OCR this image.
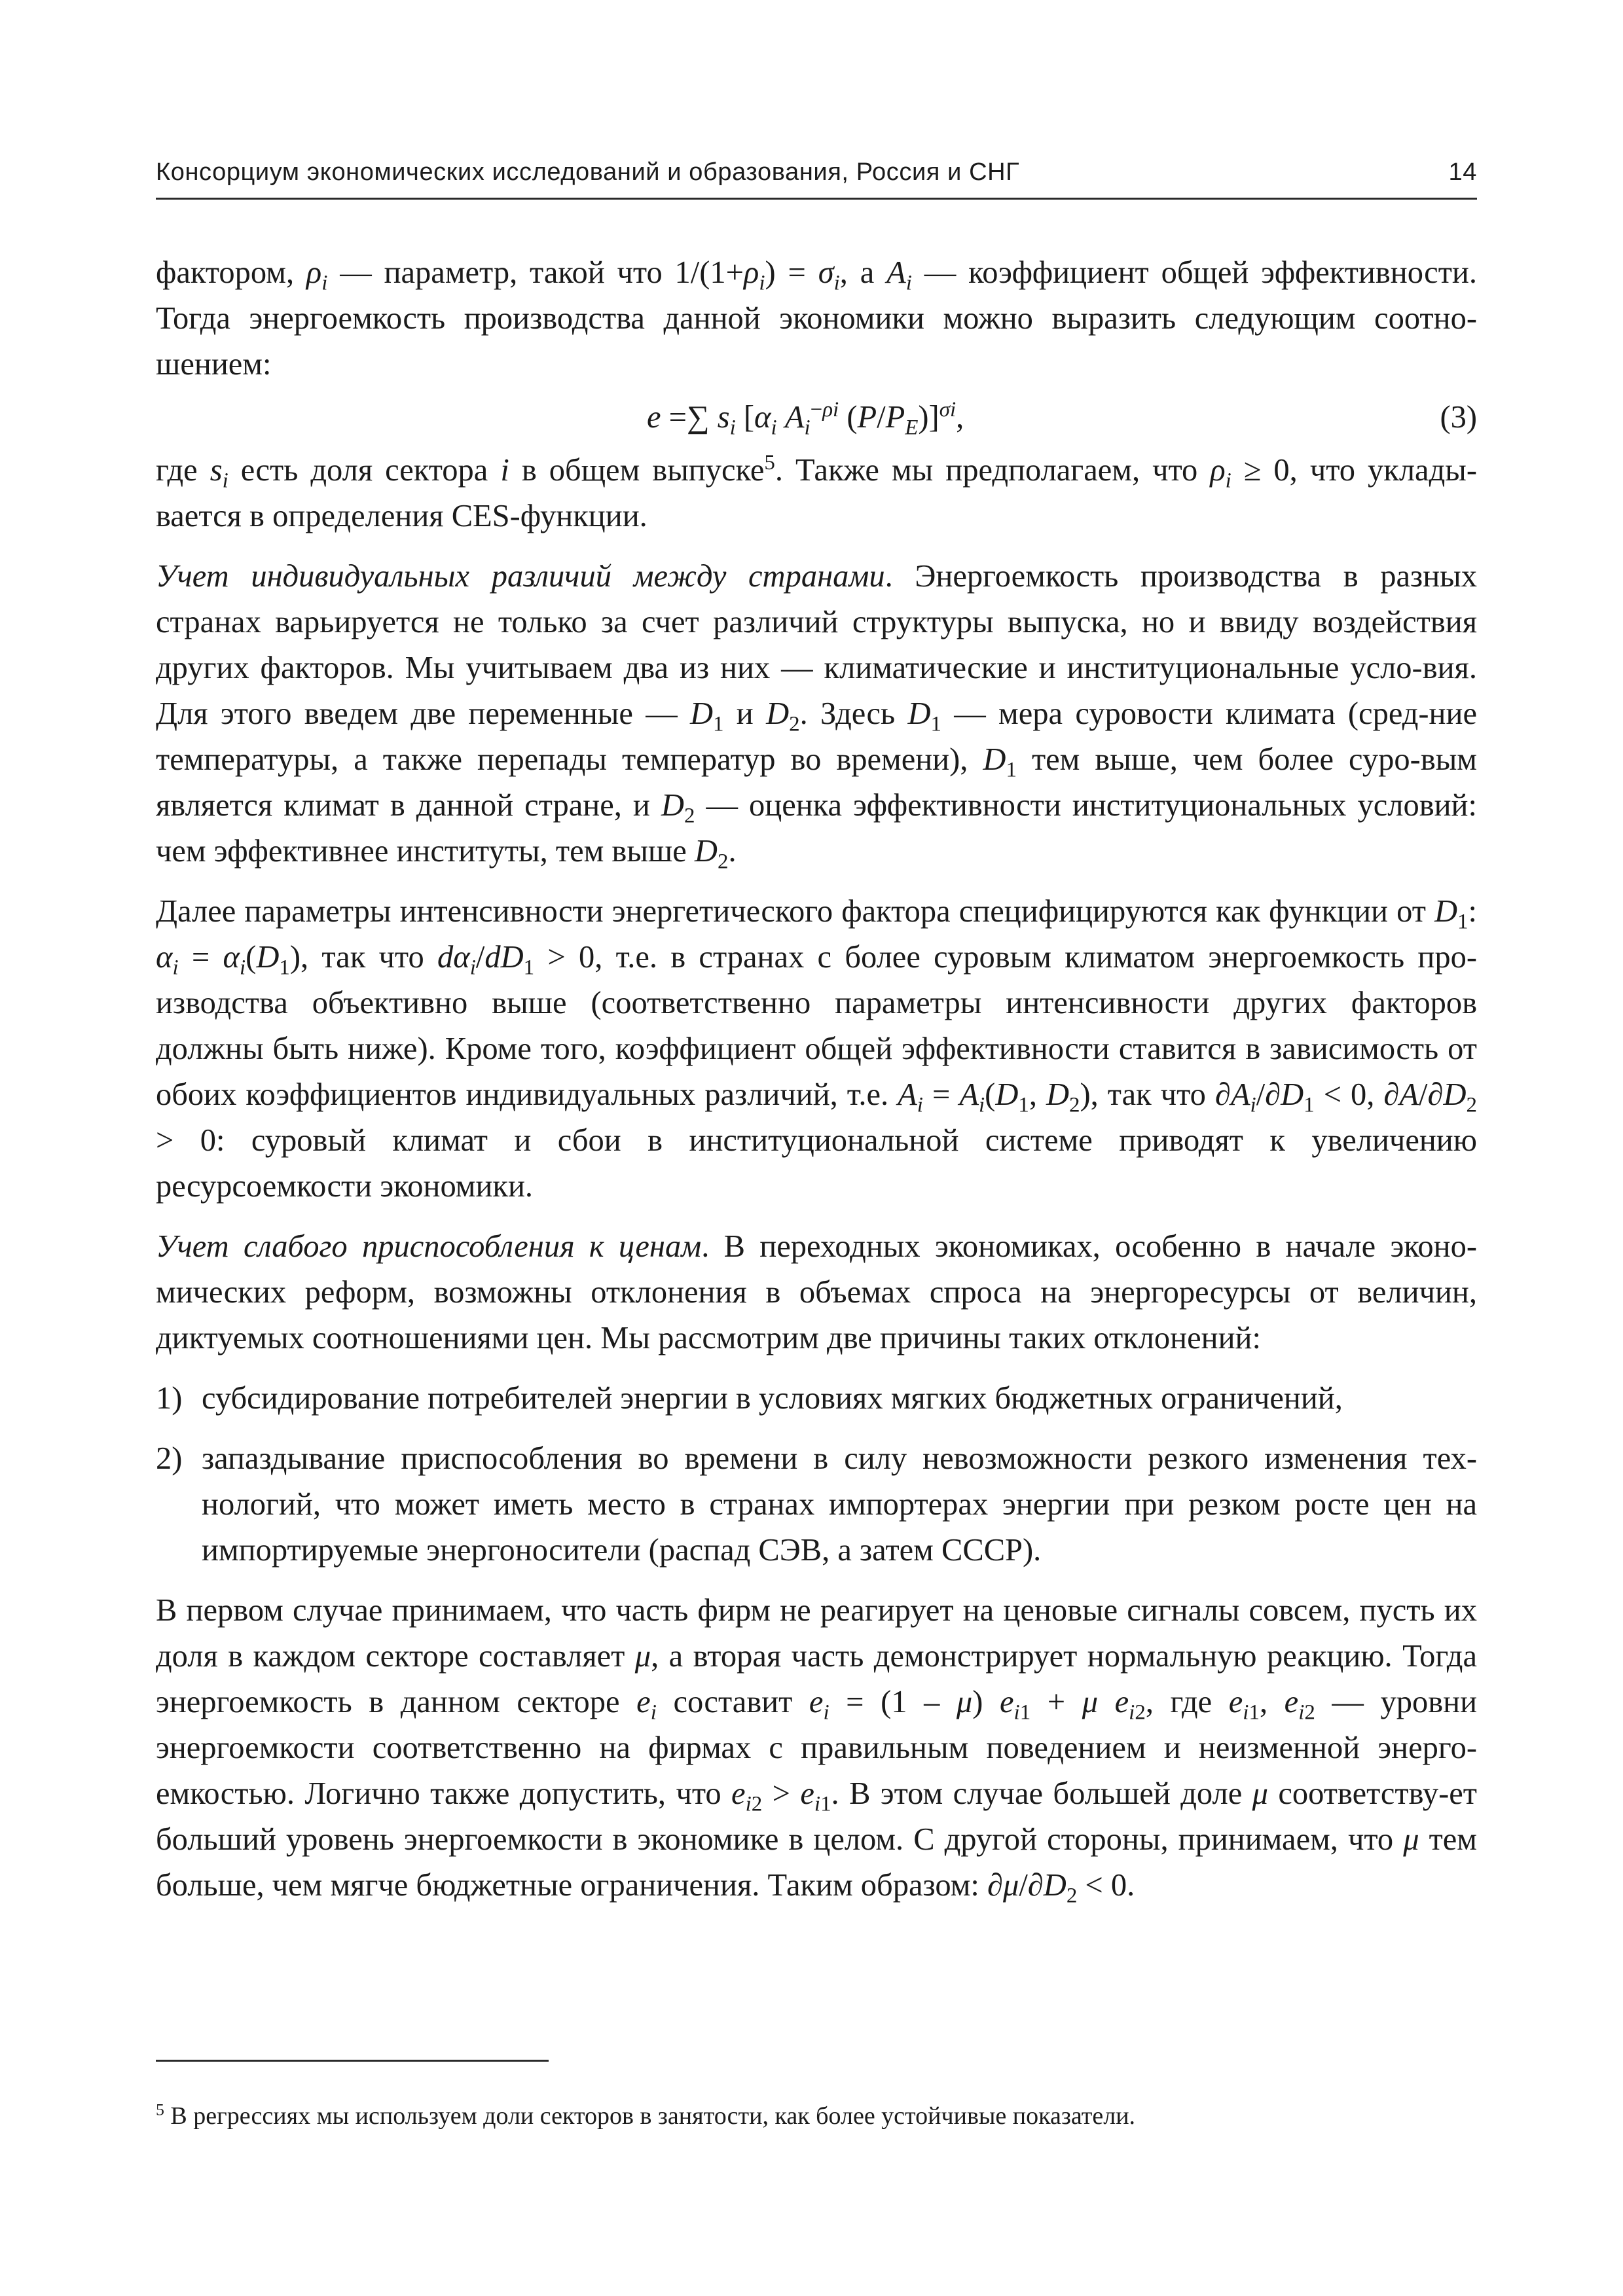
Консорциум экономических исследований и образования, Россия и СНГ	14

фактором, $\rho_i$ — параметр, такой что $1/(1+\rho_i) = \sigma_i$, а $A_i$ — коэффициент общей эффективности. Тогда энергоемкость производства данной экономики можно выразить следующим соотно-шением:

e =∑ $s_i$ [$\alpha_i$ $A_i^{-\rho i}$ $(P/P_E)]^{\sigma i}$,	(3)

где $s_i$ есть доля сектора i в общем выпуске$^5$. Также мы предполагаем, что $\rho_i \ge 0$, что уклады-вается в определения CES-функции.

Учет индивидуальных различий между странами. Энергоемкость производства в разных странах варьируется не только за счет различий структуры выпуска, но и ввиду воздействия других факторов. Мы учитываем два из них — климатические и институциональные усло-вия. Для этого введем две переменные — $D_1$ и $D_2$. Здесь $D_1$ — мера суровости климата (сред-ние температуры, а также перепады температур во времени), $D_1$ тем выше, чем более суро-вым является климат в данной стране, и $D_2$ — оценка эффективности институциональных условий: чем эффективнее институты, тем выше $D_2$.

Далее параметры интенсивности энергетического фактора специфицируются как функции от $D_1$: $\alpha_i = \alpha_i(D_1)$, так что $d\alpha_i/dD_1 > 0$, т.е. в странах с более суровым климатом энергоемкость про-изводства объективно выше (соответственно параметры интенсивности других факторов должны быть ниже). Кроме того, коэффициент общей эффективности ставится в зависимость от обоих коэффициентов индивидуальных различий, т.е. $A_i = A_i(D_1$, $D_2$), так что $\partial A_i/\partial D_1 < 0$, $\partial A/\partial D_2 > 0$: суровый климат и сбои в институциональной системе приводят к увеличению ресурсоемкости экономики.

Учет слабого приспособления к ценам. В переходных экономиках, особенно в начале эконо-мических реформ, возможны отклонения в объемах спроса на энергоресурсы от величин, диктуемых соотношениями цен. Мы рассмотрим две причины таких отклонений:

1) субсидирование потребителей энергии в условиях мягких бюджетных ограничений,
2) запаздывание приспособления во времени в силу невозможности резкого изменения тех-нологий, что может иметь место в странах импортерах энергии при резком росте цен на импортируемые энергоносители (распад СЭВ, а затем СССР).

В первом случае принимаем, что часть фирм не реагирует на ценовые сигналы совсем, пусть их доля в каждом секторе составляет μ, а вторая часть демонстрирует нормальную реакцию. Тогда энергоемкость в данном секторе $e_i$ составит $e_i = (1 - \mu) e_{i1} + \mu$ $e_{i2}$, где $e_{i1}$, $e_{i2}$ — уровни энергоемкости соответственно на фирмах с правильным поведением и неизменной энерго-емкостью. Логично также допустить, что $e_{i2} > e_{i1}$. В этом случае большей доле μ соответству-ет больший уровень энергоемкости в экономике в целом. С другой стороны, принимаем, что μ тем больше, чем мягче бюджетные ограничения. Таким образом: $\partial\mu/\partial D_2 < 0$.

$^5$ В регрессиях мы используем доли секторов в занятости, как более устойчивые показатели.
